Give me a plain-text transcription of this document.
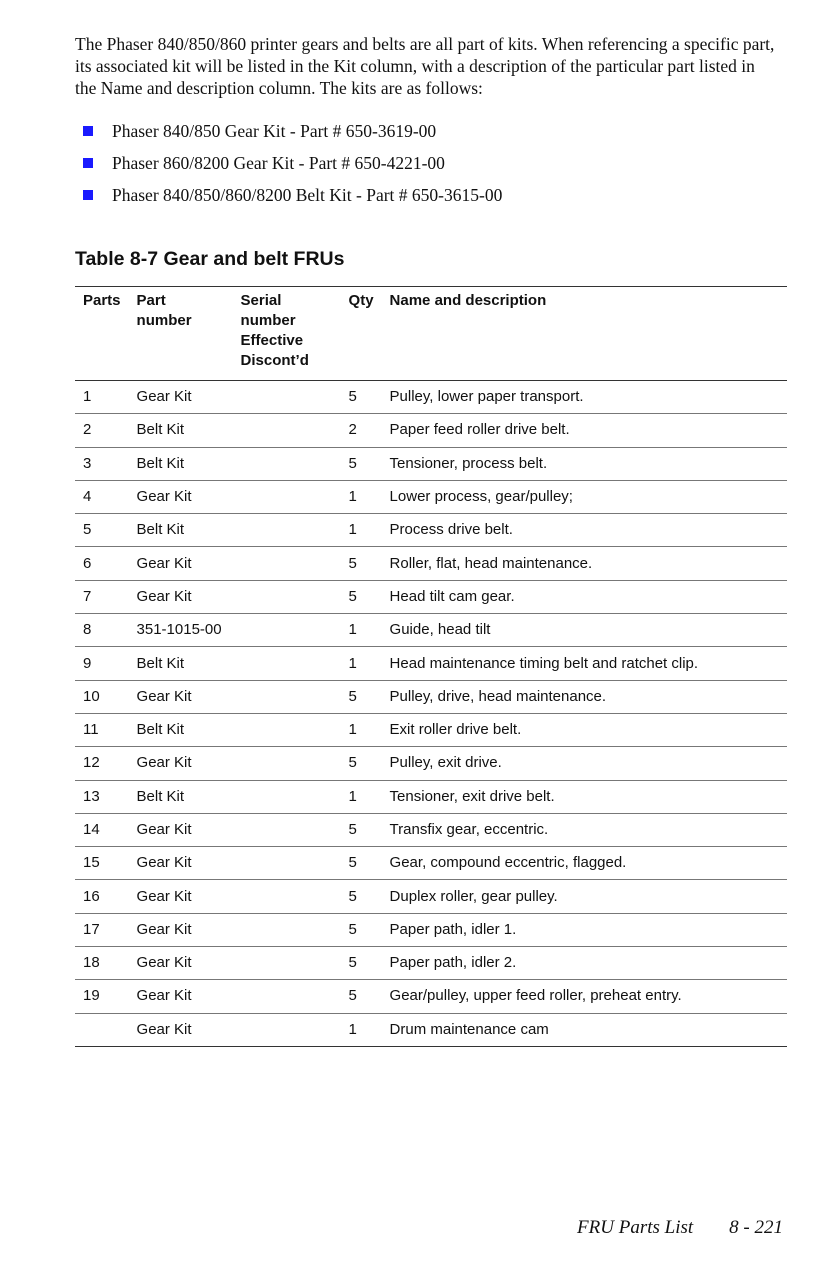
The Phaser 840/850/860 printer gears and belts are all part of kits. When referencing a specific part, its associated kit will be listed in the Kit column, with a description of the particular part listed in the Name and description column. The kits are as follows:

Phaser 840/850 Gear Kit - Part # 650-3619-00
Phaser 860/8200 Gear Kit - Part # 650-4221-00
Phaser 840/850/860/8200 Belt Kit - Part # 650-3615-00
Table 8-7 Gear and belt FRUs
Parts	Part number	Serial number
Effective
Discont’d	Qty	Name and description
1	Gear Kit		5	Pulley, lower paper transport.
2	Belt Kit		2	Paper feed roller drive belt.
3	Belt Kit		5	Tensioner, process belt.
4	Gear Kit		1	Lower process, gear/pulley;
5	Belt Kit		1	Process drive belt.
6	Gear Kit		5	Roller, flat, head maintenance.
7	Gear Kit		5	Head tilt cam gear.
8	351-1015-00		1	Guide, head tilt
9	Belt Kit		1	Head maintenance timing belt and ratchet clip.
10	Gear Kit		5	Pulley, drive, head maintenance.
11	Belt Kit		1	Exit roller drive belt.
12	Gear Kit		5	Pulley, exit drive.
13	Belt Kit		1	Tensioner, exit drive belt.
14	Gear Kit		5	Transfix gear, eccentric.
15	Gear Kit		5	Gear, compound eccentric, flagged.
16	Gear Kit		5	Duplex roller, gear pulley.
17	Gear Kit		5	Paper path, idler 1.
18	Gear Kit		5	Paper path, idler 2.
19	Gear Kit		5	Gear/pulley, upper feed roller, preheat entry.
	Gear Kit		1	Drum maintenance cam
FRU Parts List 8 - 221
